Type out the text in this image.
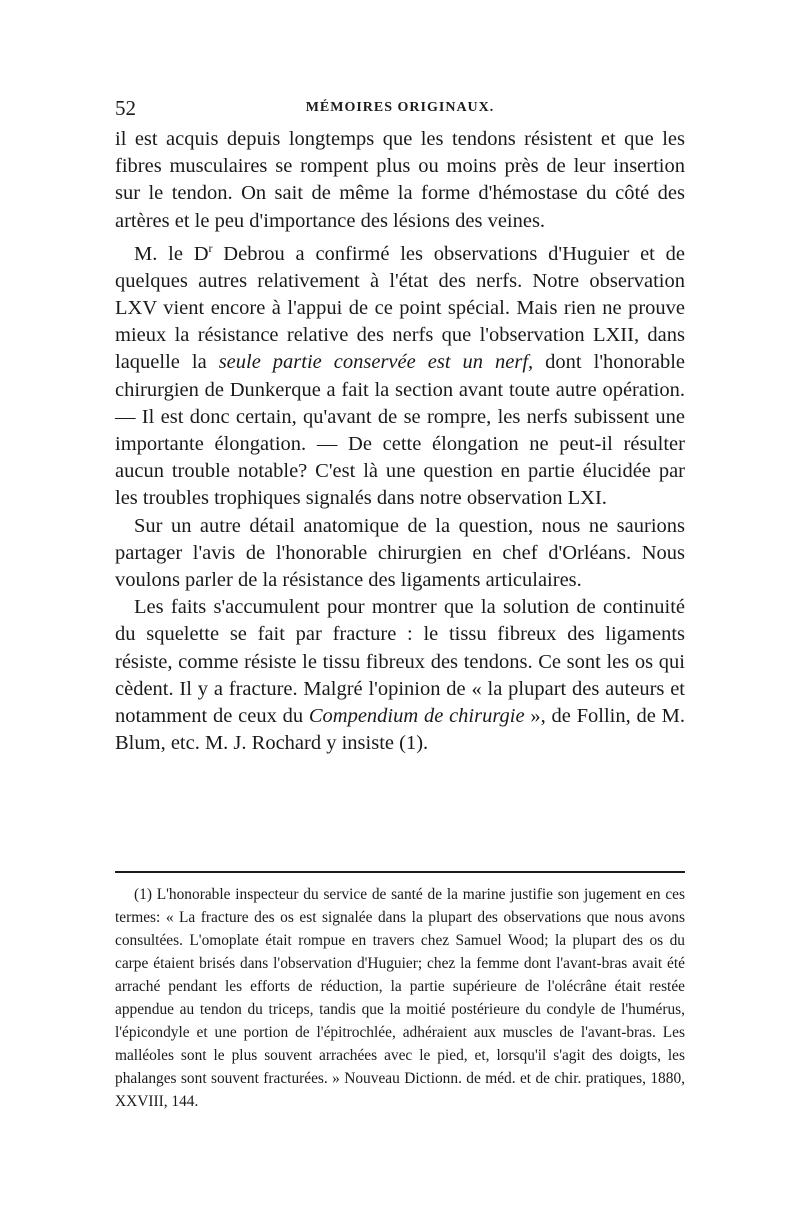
52	MÉMOIRES ORIGINAUX.

il est acquis depuis longtemps que les tendons résistent et que les fibres musculaires se rompent plus ou moins près de leur insertion sur le tendon. On sait de même la forme d'hémostase du côté des artères et le peu d'importance des lésions des veines.

M. le $D^r$ Debrou a confirmé les observations d'Huguier et de quelques autres relativement à l'état des nerfs. Notre observation LXV vient encore à l'appui de ce point spécial. Mais rien ne prouve mieux la résistance relative des nerfs que l'observation LXII, dans laquelle la seule partie conservée est un nerf, dont l'honorable chirurgien de Dunkerque a fait la section avant toute autre opération. — Il est donc certain, qu'avant de se rompre, les nerfs subissent une importante élongation. — De cette élongation ne peut-il résulter aucun trouble notable? C'est là une question en partie élucidée par les troubles trophiques signalés dans notre observation LXI.

Sur un autre détail anatomique de la question, nous ne saurions partager l'avis de l'honorable chirurgien en chef d'Orléans. Nous voulons parler de la résistance des ligaments articulaires.

Les faits s'accumulent pour montrer que la solution de continuité du squelette se fait par fracture : le tissu fibreux des ligaments résiste, comme résiste le tissu fibreux des tendons. Ce sont les os qui cèdent. Il y a fracture. Malgré l'opinion de « la plupart des auteurs et notamment de ceux du Compendium de chirurgie », de Follin, de M. Blum, etc. M. J. Rochard y insiste (1).

(1) L'honorable inspecteur du service de santé de la marine justifie son jugement en ces termes: « La fracture des os est signalée dans la plupart des observations que nous avons consultées. L'omoplate était rompue en travers chez Samuel Wood; la plupart des os du carpe étaient brisés dans l'observation d'Huguier; chez la femme dont l'avant-bras avait été arraché pendant les efforts de réduction, la partie supérieure de l'olécrâne était restée appendue au tendon du triceps, tandis que la moitié postérieure du condyle de l'humérus, l'épicondyle et une portion de l'épitrochlée, adhéraient aux muscles de l'avant-bras. Les malléoles sont le plus souvent arrachées avec le pied, et, lorsqu'il s'agit des doigts, les phalanges sont souvent fracturées. » Nouveau Dictionn. de méd. et de chir. pratiques, 1880, XXVIII, 144.
